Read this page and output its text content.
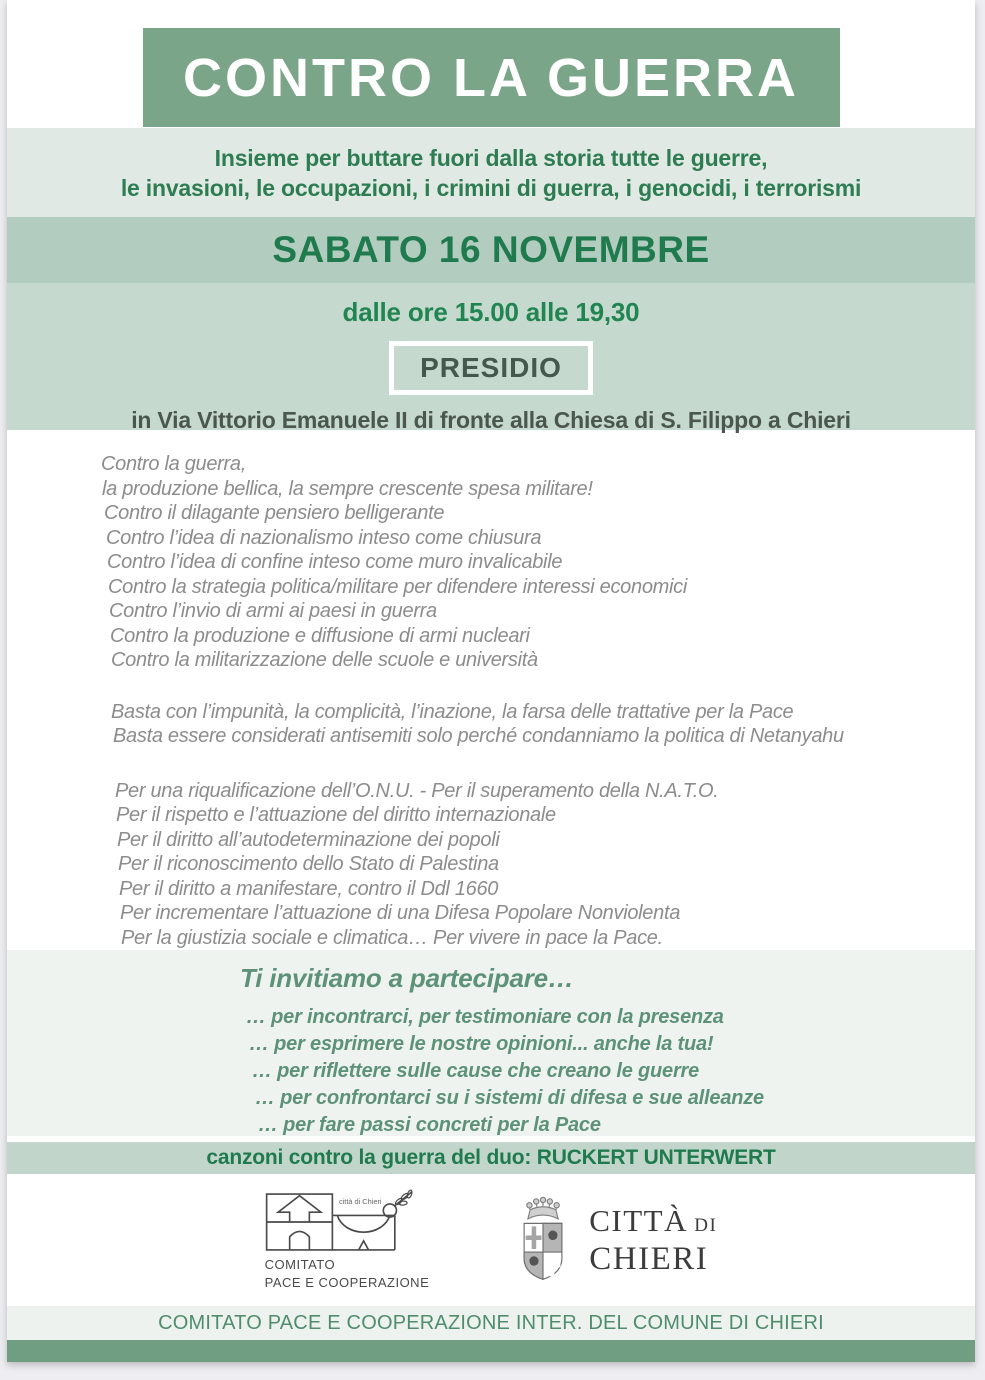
CONTRO LA GUERRA

Insieme per buttare fuori dalla storia tutte le guerre,

le invasioni, le occupazioni, i crimini di guerra, i genocidi, i terrorismi

SABATO 16 NOVEMBRE
dalle ore 15.00 alle 19,30
PRESIDIO
in Via Vittorio Emanuele II di fronte alla Chiesa di S. Filippo a Chieri

Contro la guerra,

la produzione bellica, la sempre crescente spesa militare!

Contro il dilagante pensiero belligerante

Contro l’idea di nazionalismo inteso come chiusura

Contro l’idea di confine inteso come muro invalicabile

Contro la strategia politica/militare per difendere interessi economici

Contro l’invio di armi ai paesi in guerra

Contro la produzione e diffusione di armi nucleari

Contro la militarizzazione delle scuole e università

Basta con l’impunità, la complicità, l’inazione, la farsa delle trattative per la Pace

Basta essere considerati antisemiti solo perché condanniamo la politica di Netanyahu

Per una riqualificazione dell’O.N.U. - Per il superamento della N.A.T.O.

Per il rispetto e l’attuazione del diritto internazionale

Per il diritto all’autodeterminazione dei popoli

Per il riconoscimento dello Stato di Palestina

Per il diritto a manifestare, contro il Ddl 1660

Per incrementare l’attuazione di una Difesa Popolare Nonviolenta

Per la giustizia sociale e climatica… Per vivere in pace la Pace.

Ti invitiamo a partecipare…

… per incontrarci, per testimoniare con la presenza

… per esprimere le nostre opinioni... anche la tua!

… per riflettere sulle cause che creano le guerre

… per confrontarci su i sistemi di difesa e sue alleanze

… per fare passi concreti per la Pace

canzoni contro la guerra del duo: RUCKERT UNTERWERT

città di Chieri
COMITATO
PACE E COOPERAZIONE
CITTÀ DI
CHIERI

COMITATO PACE E COOPERAZIONE INTER. DEL COMUNE DI CHIERI
